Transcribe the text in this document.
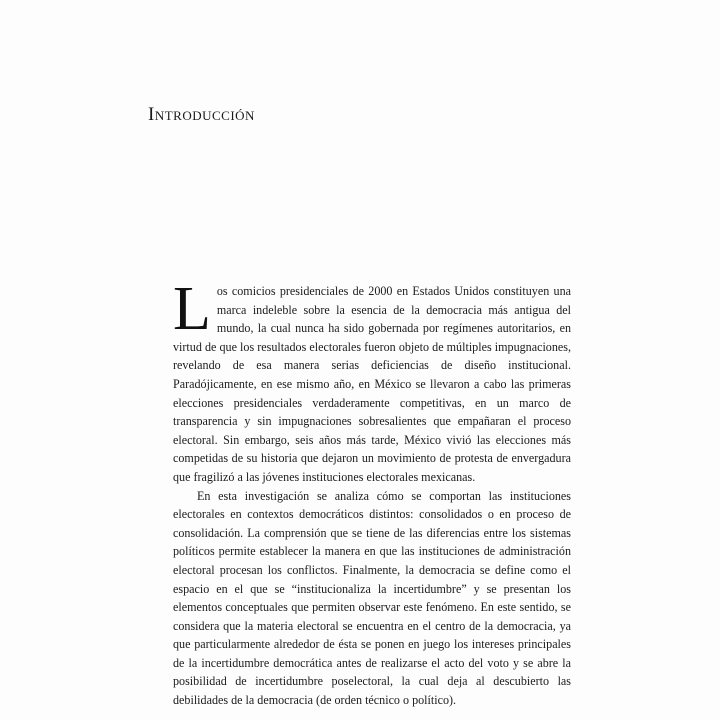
Introducción

Los comicios presidenciales de 2000 en Estados Unidos constituyen una marca indeleble sobre la esencia de la democracia más antigua del mundo, la cual nunca ha sido gobernada por regímenes autoritarios, en virtud de que los resultados electorales fueron objeto de múltiples impugnaciones, revelando de esa manera serias deficiencias de diseño institucional. Paradójicamente, en ese mismo año, en México se llevaron a cabo las primeras elecciones presidenciales verdaderamente competitivas, en un marco de transparencia y sin impugnaciones sobresalientes que empañaran el proceso electoral. Sin embargo, seis años más tarde, México vivió las elecciones más competidas de su historia que dejaron un movimiento de protesta de envergadura que fragilizó a las jóvenes instituciones electorales mexicanas.

En esta investigación se analiza cómo se comportan las instituciones electorales en contextos democráticos distintos: consolidados o en proceso de consolidación. La comprensión que se tiene de las diferencias entre los sistemas políticos permite establecer la manera en que las instituciones de administración electoral procesan los conflictos. Finalmente, la democracia se define como el espacio en el que se “institucionaliza la incertidumbre” y se presentan los elementos conceptuales que permiten observar este fenómeno. En este sentido, se considera que la materia electoral se encuentra en el centro de la democracia, ya que particularmente alrededor de ésta se ponen en juego los intereses principales de la incertidumbre democrática antes de realizarse el acto del voto y se abre la posibilidad de incertidumbre poselectoral, la cual deja al descubierto las debilidades de la democracia (de orden técnico o político).
